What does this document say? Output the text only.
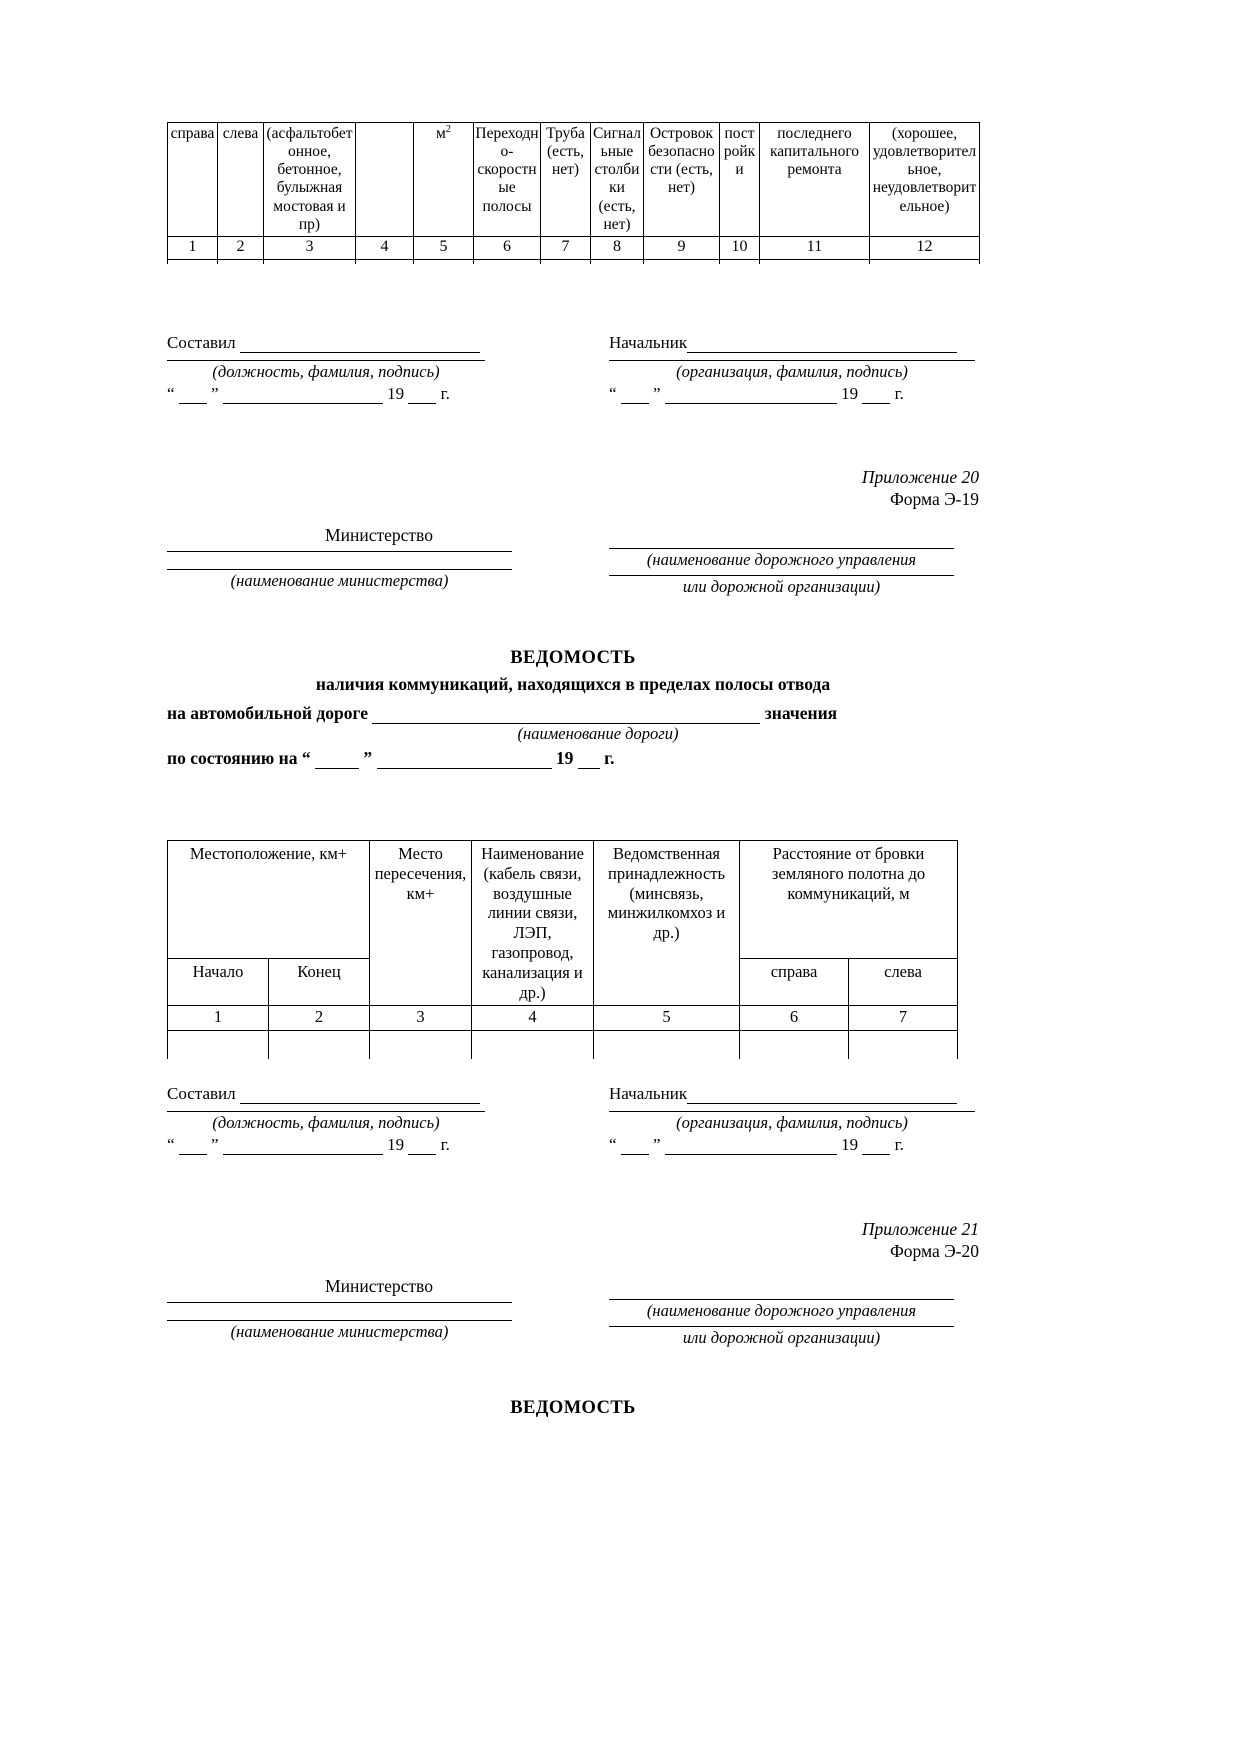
справа	слева	(асфальтобетонное, бетонное, булыжная мостовая и пр)		$м^2$	Переходно-скоростные полосы	Труба (есть, нет)	Сигнальные столбики (есть, нет)	Островок безопасности (есть, нет)	постройки	последнего капитального ремонта	(хорошее, удовлетворительное, неудовлетворительное)
1	2	3	4	5	6	7	8	9	10	11	12

Составил
(должность, фамилия, подпись)
“ ”	19 г.
Начальник
(организация, фамилия, подпись)
“ ”	19 г.
Приложение 20
Форма Э-19
Министерство
(наименование министерства)
(наименование дорожного управления
или дорожной организации)
ВЕДОМОСТЬ
наличия коммуникаций, находящихся в пределах полосы отвода
на автомобильной дороге	значения
(наименование дороги)
по состоянию на “	”	19 г.
Местоположение, км+		Место пересечения, км+	Наименование (кабель связи, воздушные линии связи, ЛЭП, газопровод, канализация и др.)	Ведомственная принадлежность (минсвязь, минжилкомхоз и др.)	Расстояние от бровки земляного полотна до коммуникаций, м	
Начало	Конец				справа	слева
1	2	3	4	5	6	7

Составил
(должность, фамилия, подпись)
“ ”	19 г.
Начальник
(организация, фамилия, подпись)
“ ”	19 г.
Приложение 21
Форма Э-20
Министерство
(наименование министерства)
(наименование дорожного управления
или дорожной организации)
ВЕДОМОСТЬ
